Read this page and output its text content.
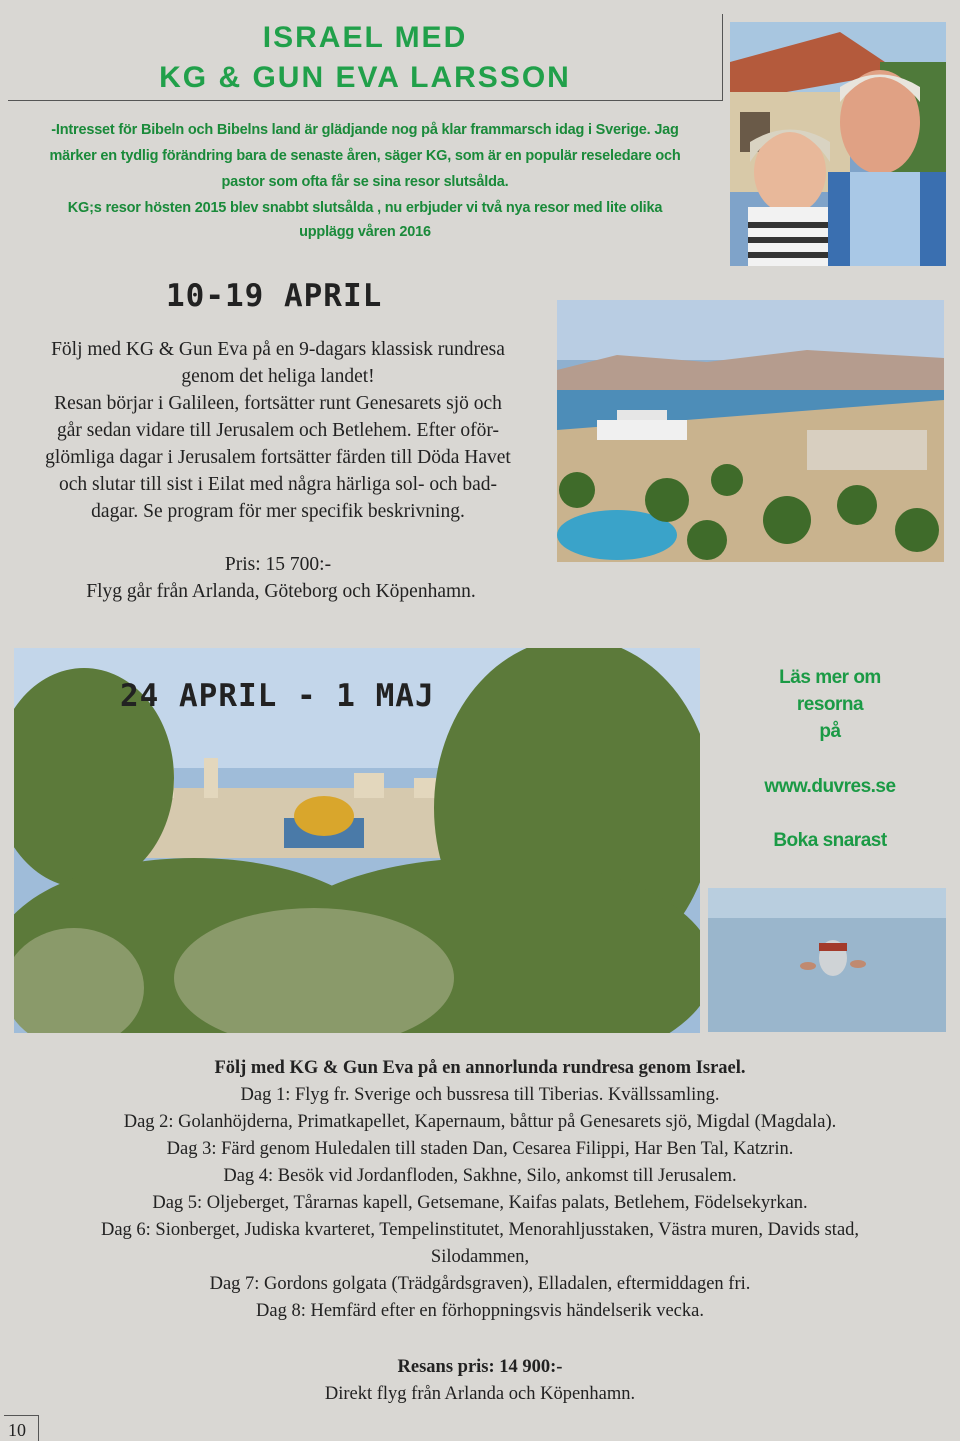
ISRAEL MED
KG & GUN EVA LARSSON
-Intresset för Bibeln och Bibelns land är glädjande nog på klar frammarsch idag i Sverige. Jag
märker en tydlig förändring bara de senaste åren, säger KG, som är en populär reseledare och
pastor som ofta får se sina resor slutsålda.
KG;s resor hösten 2015 blev snabbt slutsålda , nu erbjuder vi två nya resor med lite olika
upplägg våren 2016
10-19 APRIL
Följ med KG & Gun Eva på en 9-dagars klassisk rundresa
genom det heliga landet!
Resan börjar i Galileen, fortsätter runt Genesarets sjö och
går sedan vidare till Jerusalem och Betlehem. Efter oför-
glömliga dagar i Jerusalem fortsätter färden till Döda Havet
och slutar till sist i Eilat med några härliga sol- och bad-
dagar. Se program för mer specifik beskrivning.
Pris: 15 700:-
Flyg går från Arlanda, Göteborg och Köpenhamn.
24 APRIL - 1 MAJ
Läs mer om
resorna
på
www.duvres.se
Boka snarast
Följ med KG & Gun Eva på en annorlunda rundresa genom Israel.
Dag 1: Flyg fr. Sverige och bussresa till Tiberias. Kvällssamling.
Dag 2: Golanhöjderna, Primatkapellet, Kapernaum, båttur på Genesarets sjö, Migdal (Magdala).
Dag 3: Färd genom Huledalen till staden Dan, Cesarea Filippi, Har Ben Tal, Katzrin.
Dag 4: Besök vid Jordanfloden, Sakhne, Silo, ankomst till Jerusalem.
Dag 5: Oljeberget, Tårarnas kapell, Getsemane, Kaifas palats, Betlehem, Födelsekyrkan.
Dag 6: Sionberget, Judiska kvarteret, Tempelinstitutet, Menorahljusstaken, Västra muren, Davids stad,
Silodammen,
Dag 7: Gordons golgata (Trädgårdsgraven), Elladalen, eftermiddagen fri.
Dag 8: Hemfärd efter en förhoppningsvis händelserik vecka.
Resans pris: 14 900:-
Direkt flyg från Arlanda och Köpenhamn.
10
